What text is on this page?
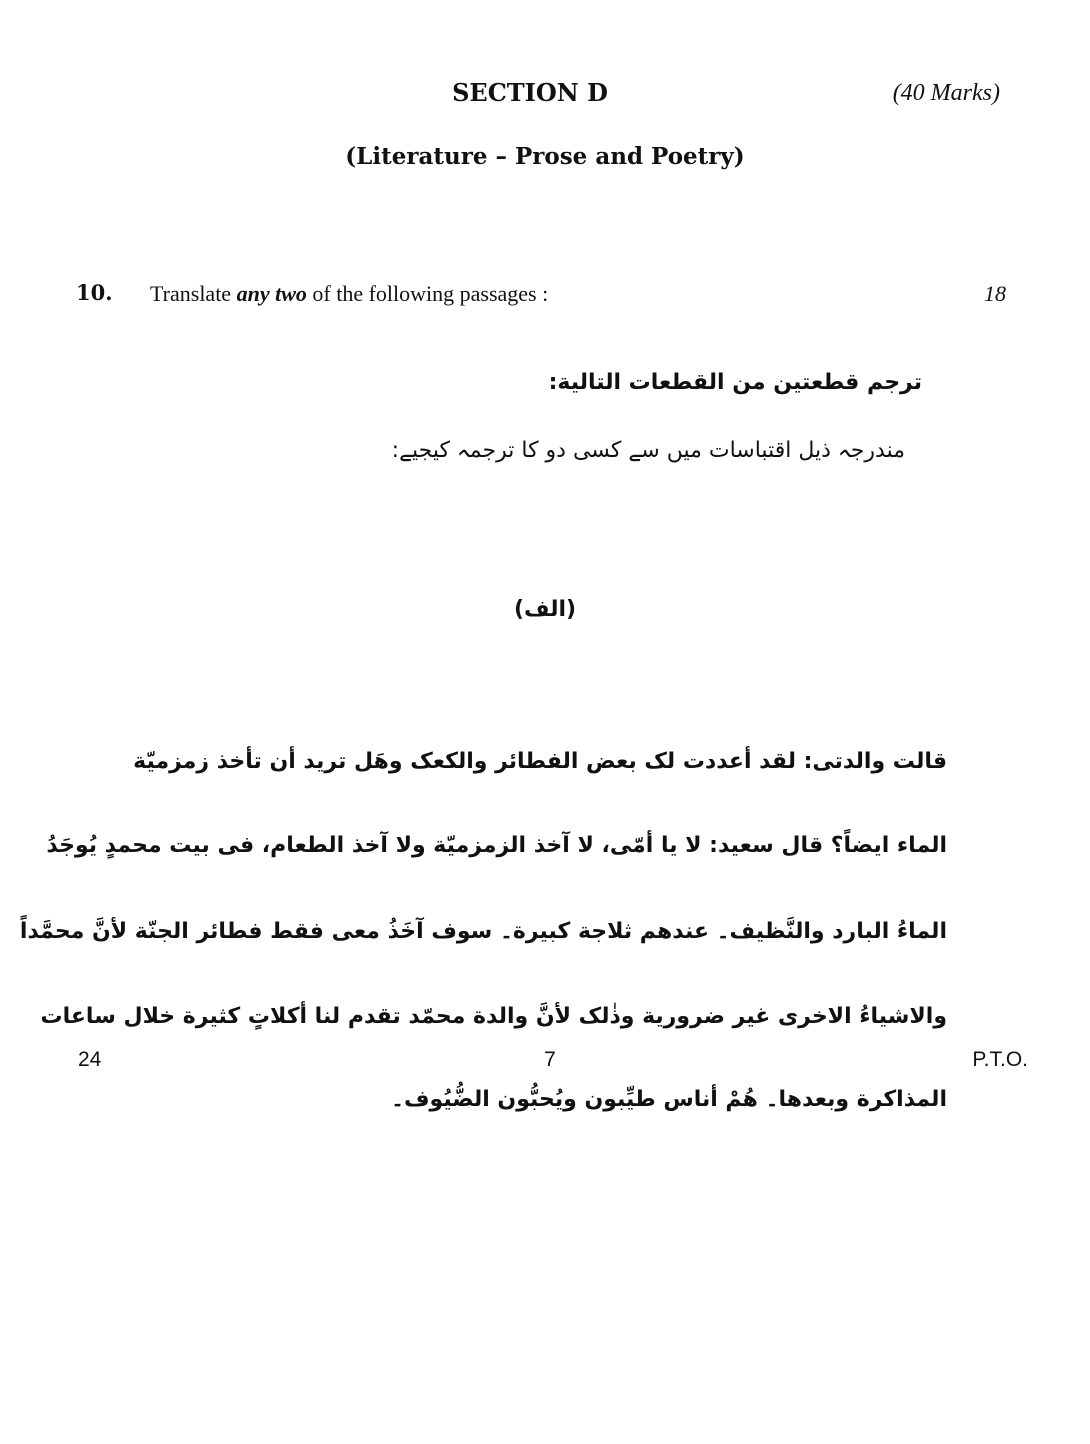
SECTION D	(40 Marks)
(Literature – Prose and Poetry)
10. Translate any two of the following passages :	18
ترجم قطعتين من القطعات التالية:
مندرجہ ذیل اقتباسات میں سے کسی دو کا ترجمہ کیجیے:
(الف)
قالت والدتی: لقد أعددت لک بعض الفطائر والکعک وھَل ترید أن تأخذ زمزمیّة
الماء ایضاً؟ قال سعید: لا یا أمّی، لا آخذ الزمزمیّة ولا آخذ الطعام، فی بیت محمدٍ یُوجَدُ
الماءُ البارد والنَّظیف۔ عندھم ثلاجة کبیرة۔ سوف آخَذُ معی فقط فطائر الجنّة لأنَّ محمَّداً
والاشیاءُ الاخری غیر ضروریة وذٰلک لأنَّ والدة محمّد تقدم لنا أکلاتٍ کثیرة خلال ساعات
المذاکرة وبعدھا۔ ھُمْ أناس طیِّبون ویُحبُّون الضُّیُوف۔
24	7	P.T.O.
